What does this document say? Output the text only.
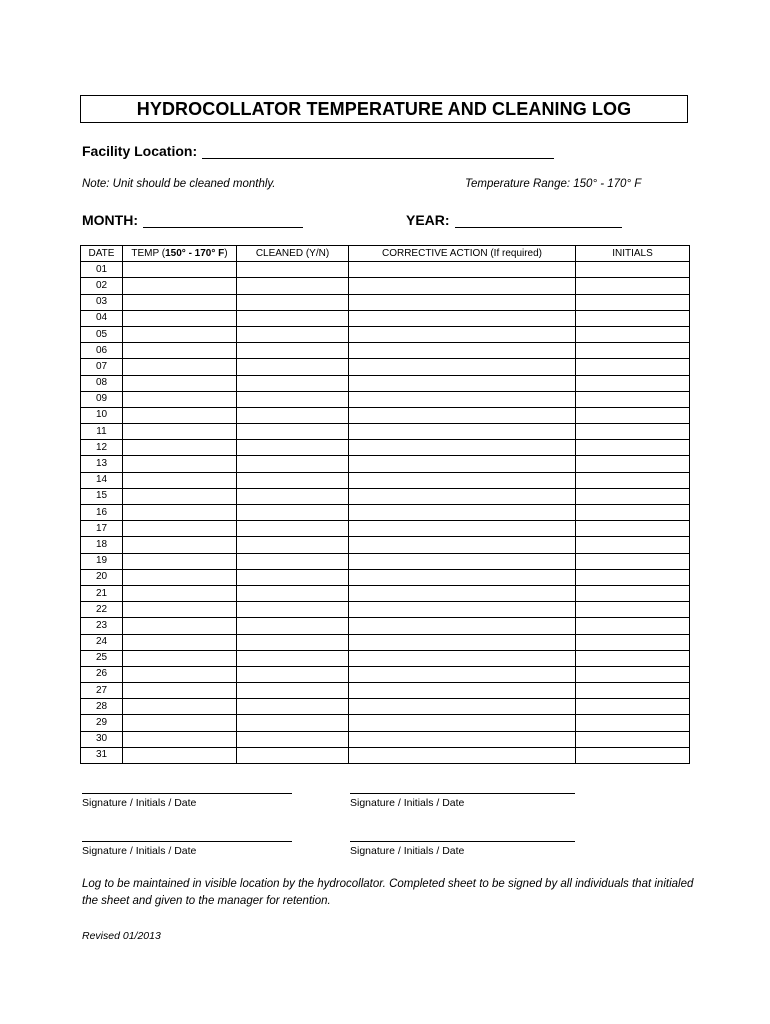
HYDROCOLLATOR TEMPERATURE AND CLEANING LOG
Facility Location:
Note: Unit should be cleaned monthly.	Temperature Range: 150° - 170° F
MONTH:	YEAR:
DATE	TEMP (150° - 170° F)	CLEANED (Y/N)	CORRECTIVE ACTION (If required)	INITIALS
01				
02				
03				
04				
05				
06				
07				
08				
09				
10				
11				
12				
13				
14				
15				
16				
17				
18				
19				
20				
21				
22				
23				
24				
25				
26				
27				
28				
29				
30				
31				
Signature / Initials / Date	Signature / Initials / Date
Signature / Initials / Date	Signature / Initials / Date
Log to be maintained in visible location by the hydrocollator. Completed sheet to be signed by all individuals that initialed the sheet and given to the manager for retention.
Revised 01/2013
